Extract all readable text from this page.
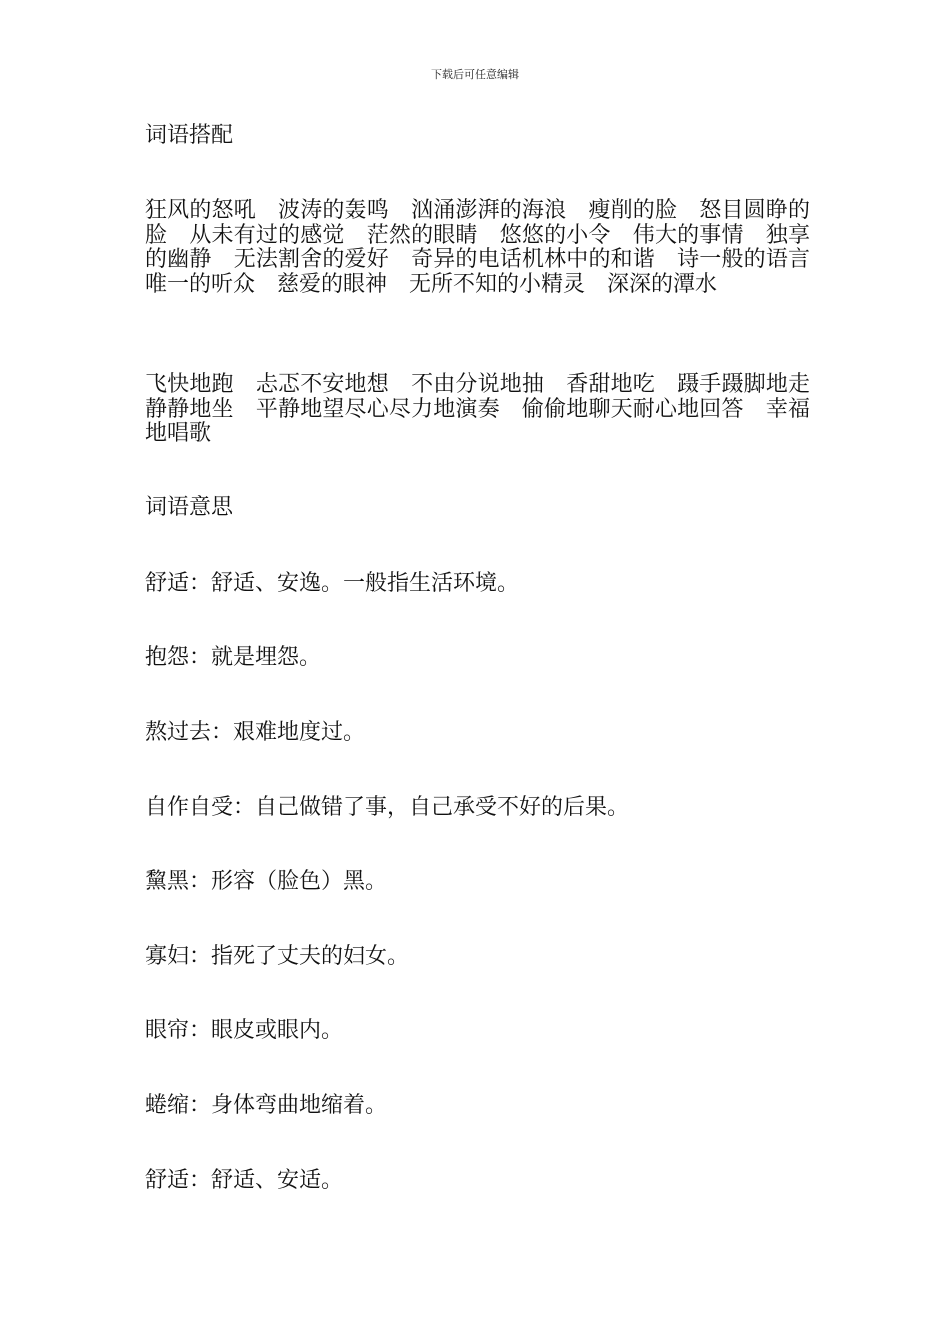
下载后可任意编辑
词语搭配
狂风的怒吼　波涛的轰鸣　汹涌澎湃的海浪　瘦削的脸　怒目圆睁的脸　从未有过的感觉　茫然的眼睛　悠悠的小令　伟大的事情　独享的幽静　无法割舍的爱好　奇异的电话机林中的和谐　诗一般的语言　唯一的听众　慈爱的眼神　无所不知的小精灵　深深的潭水
飞快地跑　忐忑不安地想　不由分说地抽　香甜地吃　蹑手蹑脚地走　静静地坐　平静地望尽心尽力地演奏　偷偷地聊天耐心地回答　幸福地唱歌
词语意思
舒适：舒适、安逸。一般指生活环境。
抱怨：就是埋怨。
熬过去：艰难地度过。
自作自受：自己做错了事，自己承受不好的后果。
黧黑：形容（脸色）黑。
寡妇：指死了丈夫的妇女。
眼帘：眼皮或眼内。
蜷缩：身体弯曲地缩着。
舒适：舒适、安适。
